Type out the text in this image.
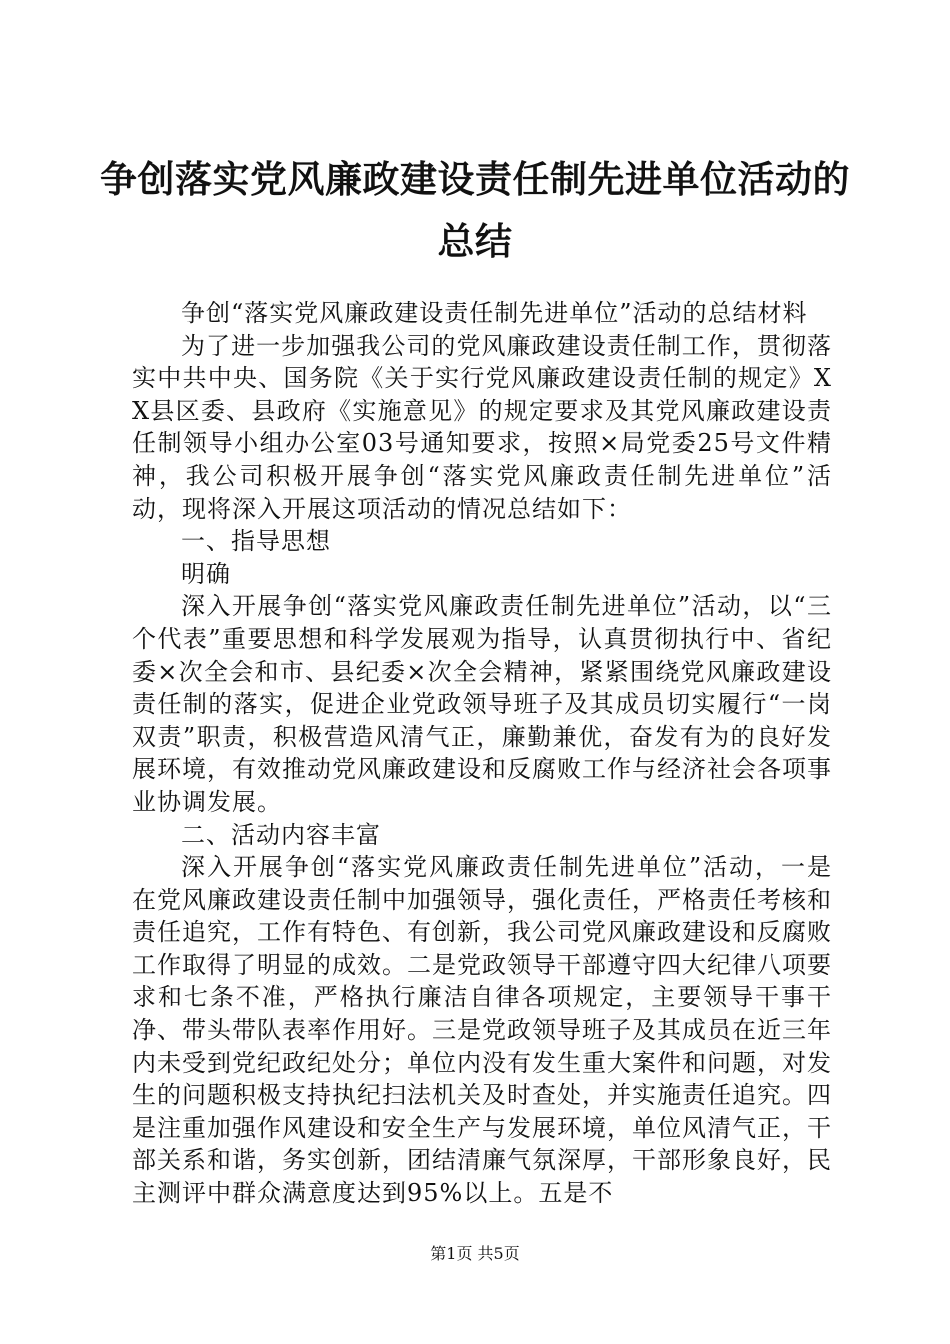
争创落实党风廉政建设责任制先进单位活动的
总结

争创“落实党风廉政建设责任制先进单位”活动的总结材料

为了进一步加强我公司的党风廉政建设责任制工作，贯彻落实中共中央、国务院《关于实行党风廉政建设责任制的规定》XX县区委、县政府《实施意见》的规定要求及其党风廉政建设责任制领导小组办公室03号通知要求，按照×局党委25号文件精神，我公司积极开展争创“落实党风廉政责任制先进单位”活动，现将深入开展这项活动的情况总结如下：

一、指导思想

明确

深入开展争创“落实党风廉政责任制先进单位”活动，以“三个代表”重要思想和科学发展观为指导，认真贯彻执行中、省纪委×次全会和市、县纪委×次全会精神，紧紧围绕党风廉政建设责任制的落实，促进企业党政领导班子及其成员切实履行“一岗双责”职责，积极营造风清气正，廉勤兼优，奋发有为的良好发展环境，有效推动党风廉政建设和反腐败工作与经济社会各项事业协调发展。

二、活动内容丰富

深入开展争创“落实党风廉政责任制先进单位”活动，一是在党风廉政建设责任制中加强领导，强化责任，严格责任考核和责任追究，工作有特色、有创新，我公司党风廉政建设和反腐败工作取得了明显的成效。二是党政领导干部遵守四大纪律八项要求和七条不准，严格执行廉洁自律各项规定，主要领导干事干净、带头带队表率作用好。三是党政领导班子及其成员在近三年内未受到党纪政纪处分；单位内没有发生重大案件和问题，对发生的问题积极支持执纪扫法机关及时查处，并实施责任追究。四是注重加强作风建设和安全生产与发展环境，单位风清气正，干部关系和谐，务实创新，团结清廉气氛深厚，干部形象良好，民主测评中群众满意度达到95%以上。五是不

第1页 共5页
